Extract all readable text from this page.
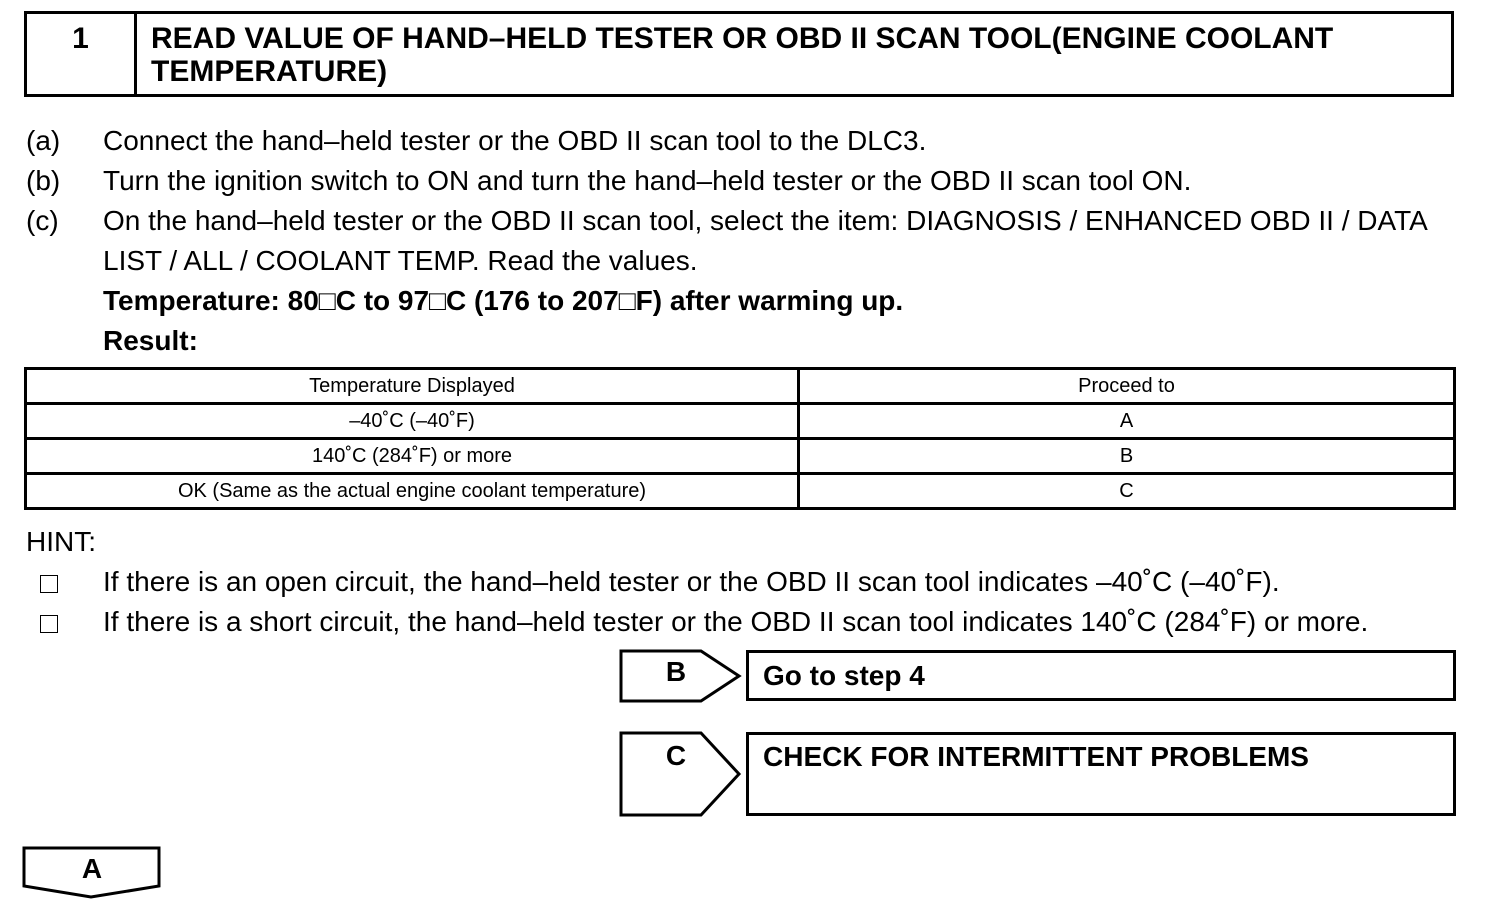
1	READ VALUE OF HAND–HELD TESTER OR OBD II SCAN TOOL(ENGINE COOLANT TEMPERATURE)
(a) Connect the hand–held tester or the OBD II scan tool to the DLC3.
(b) Turn the ignition switch to ON and turn the hand–held tester or the OBD II scan tool ON.
(c) On the hand–held tester or the OBD II scan tool, select the item: DIAGNOSIS / ENHANCED OBD II / DATA LIST / ALL / COOLANT TEMP. Read the values.
Temperature: 80□C to 97□C (176 to 207□F) after warming up.
Result:
Temperature Displayed	Proceed to
–40˚C (–40˚F)	A
140˚C (284˚F) or more	B
OK (Same as the actual engine coolant temperature)	C
HINT:
If there is an open circuit, the hand–held tester or the OBD II scan tool indicates –40˚C (–40˚F).
If there is a short circuit, the hand–held tester or the OBD II scan tool indicates 140˚C (284˚F) or more.
B	Go to step 4
C	CHECK FOR INTERMITTENT PROBLEMS
A
